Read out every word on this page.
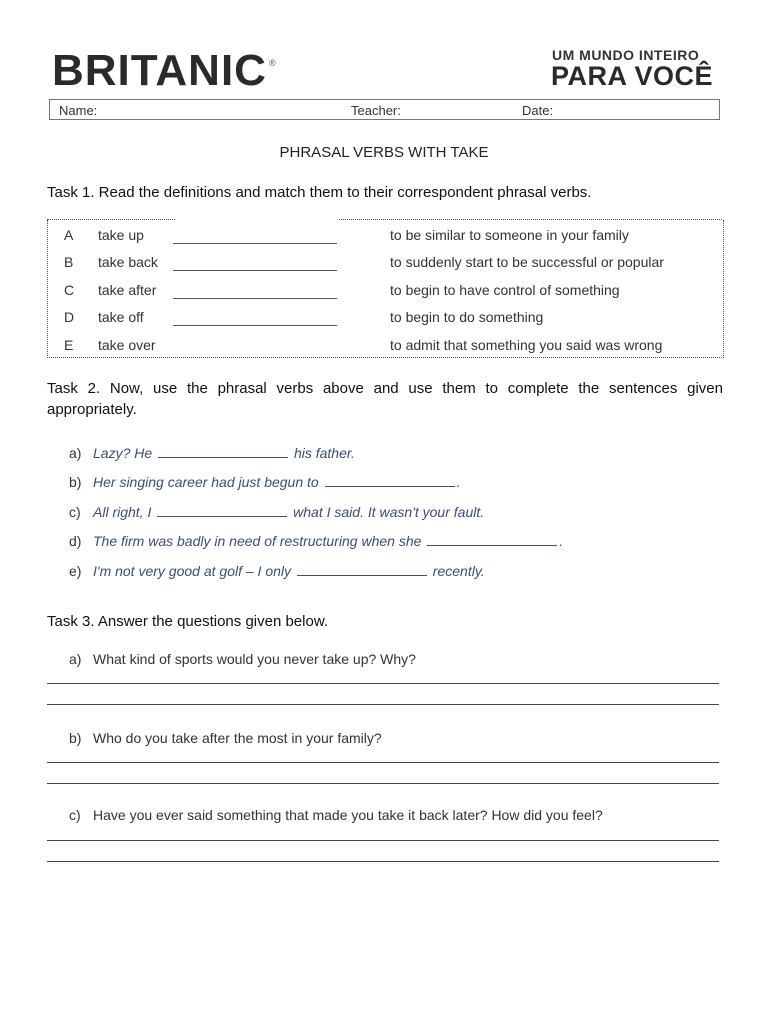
BRITANIC ®	UM MUNDO INTEIRO
PARA VOCÊ
Name:	Teacher:	Date:
PHRASAL VERBS WITH TAKE
Task 1. Read the definitions and match them to their correspondent phrasal verbs.
A take up	to be similar to someone in your family
B take back	to suddenly start to be successful or popular
C take after	to begin to have control of something
D take off	to begin to do something
E take over	to admit that something you said was wrong
Task 2. Now, use the phrasal verbs above and use them to complete the sentences given appropriately.
a) Lazy? He	his father.
b) Her singing career had just begun to	.
c) All right, I	what I said. It wasn't your fault.
d) The firm was badly in need of restructuring when she	.
e) I'm not very good at golf – I only	recently.
Task 3. Answer the questions given below.
a) What kind of sports would you never take up? Why?
b) Who do you take after the most in your family?
c) Have you ever said something that made you take it back later? How did you feel?
